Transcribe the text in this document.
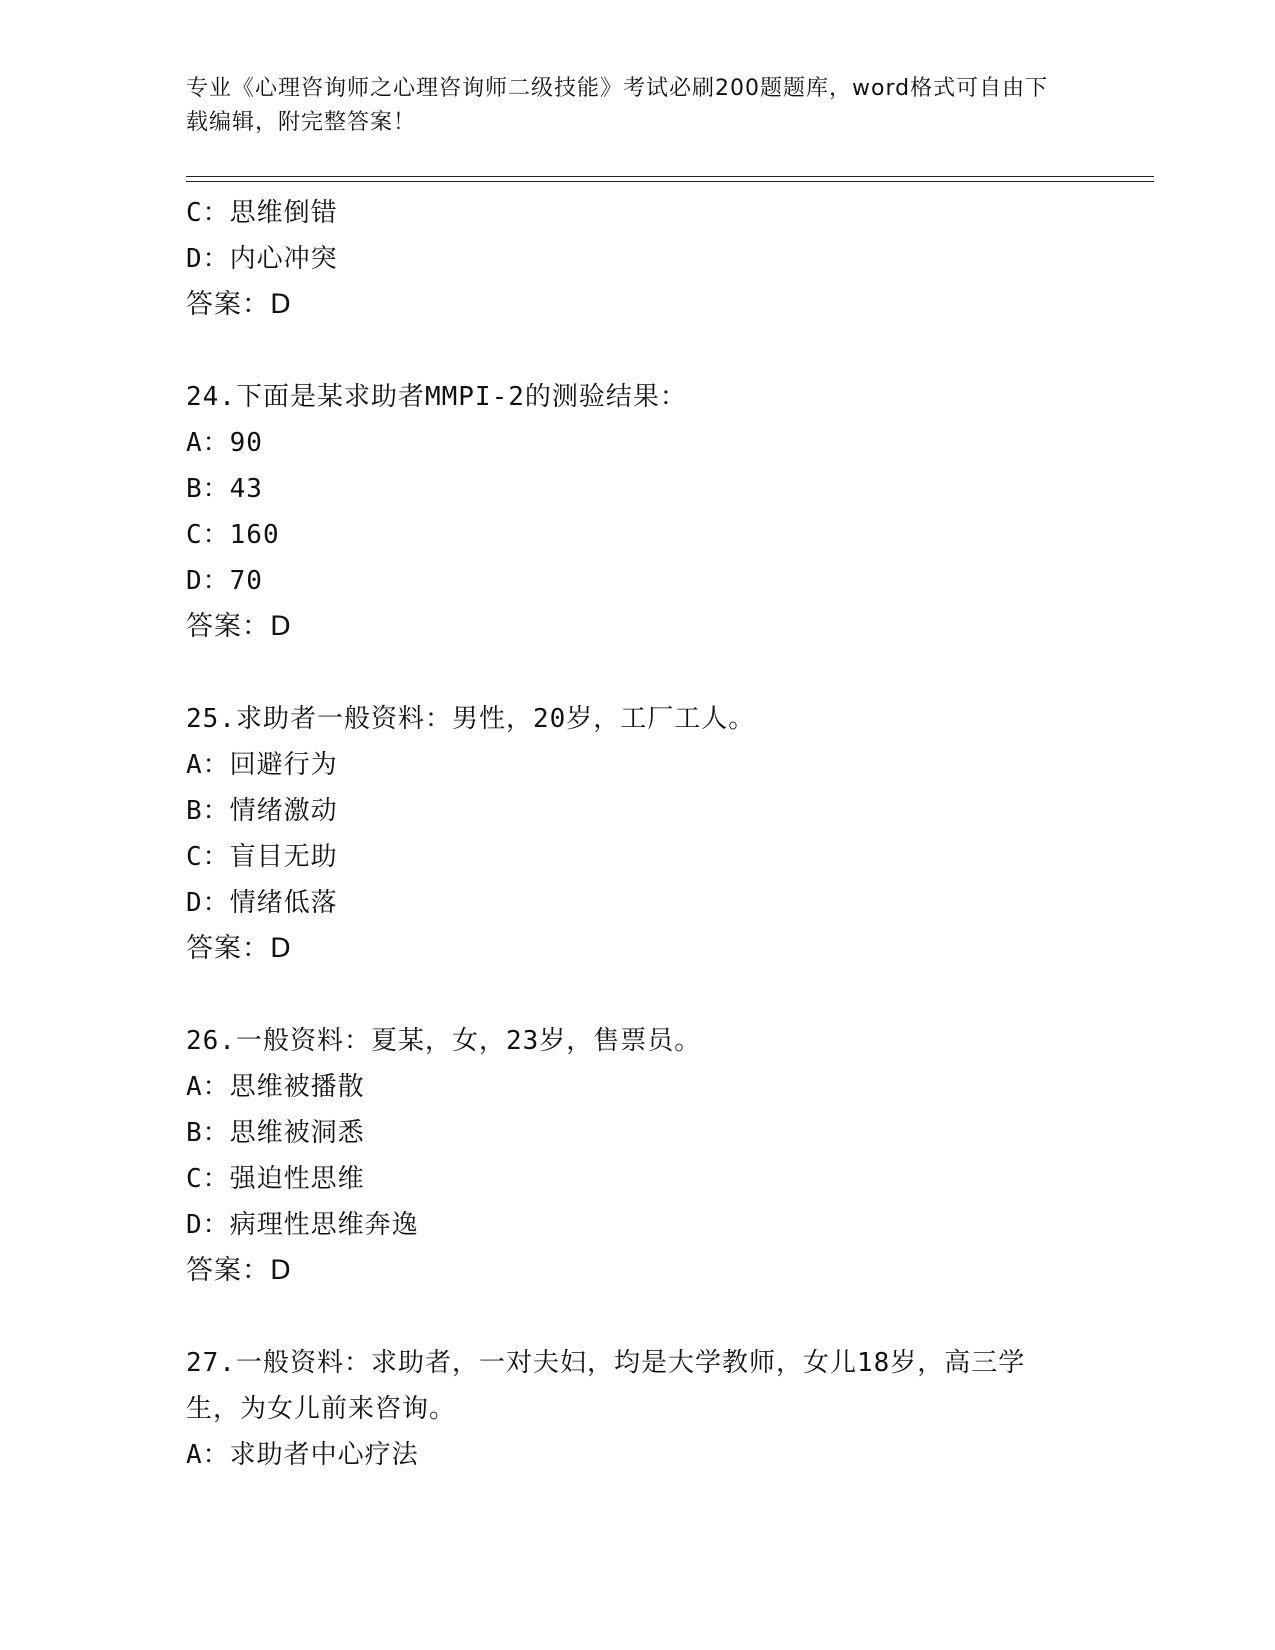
专业《心理咨询师之心理咨询师二级技能》考试必刷200题题库，word格式可自由下载编辑，附完整答案！
C：思维倒错
D：内心冲突
答案：D
24.下面是某求助者MMPI-2的测验结果：
A：90
B：43
C：160
D：70
答案：D
25.求助者一般资料：男性，20岁，工厂工人。
A：回避行为
B：情绪激动
C：盲目无助
D：情绪低落
答案：D
26.一般资料：夏某，女，23岁，售票员。
A：思维被播散
B：思维被洞悉
C：强迫性思维
D：病理性思维奔逸
答案：D
27.一般资料：求助者，一对夫妇，均是大学教师，女儿18岁，高三学生，为女儿前来咨询。
A：求助者中心疗法
